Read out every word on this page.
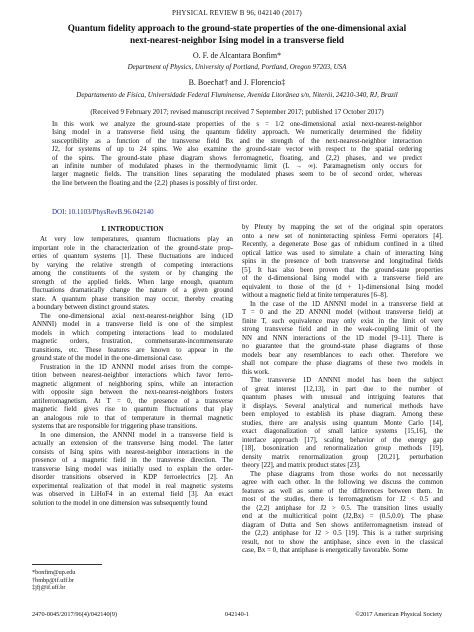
PHYSICAL REVIEW B 96, 042140 (2017)
Quantum fidelity approach to the ground-state properties of the one-dimensional axial
next-nearest-neighbor Ising model in a transverse field
O. F. de Alcantara Bonfim*
Department of Physics, University of Portland, Portland, Oregon 97203, USA
B. Boechat† and J. Florencio‡
Departamento de Física, Universidade Federal Fluminense, Avenida Litorânea s/n, Niterói, 24210-340, RJ, Brazil
(Received 9 February 2017; revised manuscript received 7 September 2017; published 17 October 2017)
In this work we analyze the ground-state properties of the s = 1/2 one-dimensional axial next-nearest-neighbor
Ising model in a transverse field using the quantum fidelity approach. We numerically determined the fidelity
susceptibility as a function of the transverse field Bx and the strength of the next-nearest-neighbor interaction
J2, for systems of up to 24 spins. We also examine the ground-state vector with respect to the spatial ordering
of the spins. The ground-state phase diagram shows ferromagnetic, floating, and ⟨2,2⟩ phases, and we predict
an infinite number of modulated phases in the thermodynamic limit (L → ∞). Paramagnetism only occurs for
larger magnetic fields. The transition lines separating the modulated phases seem to be of second order, whereas
the line between the floating and the ⟨2,2⟩ phases is possibly of first order.
DOI: 10.1103/PhysRevB.96.042140
I. INTRODUCTION
At very low temperatures, quantum fluctuations play an
important role in the characterization of the ground-state prop-
erties of quantum systems [1]. These fluctuations are induced
by varying the relative strength of competing interactions
among the constituents of the system or by changing the
strength of the applied fields. When large enough, quantum
fluctuations dramatically change the nature of a given ground
state. A quantum phase transition may occur, thereby creating
a boundary between distinct ground states.
The one-dimensional axial next-nearest-neighbor Ising (1D
ANNNI) model in a transverse field is one of the simplest
models in which competing interactions lead to modulated
magnetic orders, frustration, commensurate-incommensurate
transitions, etc. These features are known to appear in the
ground state of the model in the one-dimensional case.
Frustration in the 1D ANNNI model arises from the compe-
tition between nearest-neighbor interactions which favor ferro-
magnetic alignment of neighboring spins, while an interaction
with opposite sign between the next-nearest-neighbors fosters
antiferromagnetism. At T = 0, the presence of a transverse
magnetic field gives rise to quantum fluctuations that play
an analogous role to that of temperature in thermal magnetic
systems that are responsible for triggering phase transitions.
In one dimension, the ANNNI model in a transverse field is
actually an extension of the transverse Ising model. The latter
consists of Ising spins with nearest-neighbor interactions in the
presence of a magnetic field in the transverse direction. The
transverse Ising model was initially used to explain the order-
disorder transitions observed in KDP ferroelectrics [2]. An
experimental realization of that model in real magnetic systems
was observed in LiHoF4 in an external field [3]. An exact
solution to the model in one dimension was subsequently found
by Pfeuty by mapping the set of the original spin operators
onto a new set of noninteracting spinless Fermi operators [4].
Recently, a degenerate Bose gas of rubidium confined in a tilted
optical lattice was used to simulate a chain of interacting Ising
spins in the presence of both transverse and longitudinal fields
[5]. It has also been proven that the ground-state properties
of the d-dimensional Ising model with a transverse field are
equivalent to those of the (d + 1)-dimensional Ising model
without a magnetic field at finite temperatures [6–8].
In the case of the 1D ANNNI model in a transverse field at
T = 0 and the 2D ANNNI model (without transverse field) at
finite T, such equivalence may only exist in the limit of very
strong transverse field and in the weak-coupling limit of the
NN and NNN interactions of the 1D model [9–11]. There is
no guarantee that the ground-state phase diagrams of those
models bear any resemblances to each other. Therefore we
shall not compare the phase diagrams of these two models in
this work.
The transverse 1D ANNNI model has been the subject
of great interest [12,13], in part due to the number of
quantum phases with unusual and intriguing features that
it displays. Several analytical and numerical methods have
been employed to establish its phase diagram. Among these
studies, there are analysis using quantum Monte Carlo [14],
exact diagonalization of small lattice systems [15,16], the
interface approach [17], scaling behavior of the energy gap
[18], bosonization and renormalization group methods [19],
density matrix renormalization group [20,21], perturbation
theory [22], and matrix product states [23].
The phase diagrams from those works do not necessarily
agree with each other. In the following we discuss the common
features as well as some of the differences between them. In
most of the studies, there is ferromagnetism for J2 < 0.5 and
the ⟨2,2⟩ antiphase for J2 > 0.5. The transition lines usually
end at the multicritical point (J2,Bx) = (0.5,0.0). The phase
diagram of Dutta and Sen shows antiferromagnetism instead of
the ⟨2,2⟩ antiphase for J2 > 0.5 [19]. This is a rather surprising
result, not to show the antiphase, since even in the classical
case, Bx = 0, that antiphase is energetically favorable. Some
*bonfim@up.edu
†bmbp@if.uff.br
‡jfj@if.uff.br
2470-0045/2017/96(4)/042140(9)	042140-1	©2017 American Physical Society
